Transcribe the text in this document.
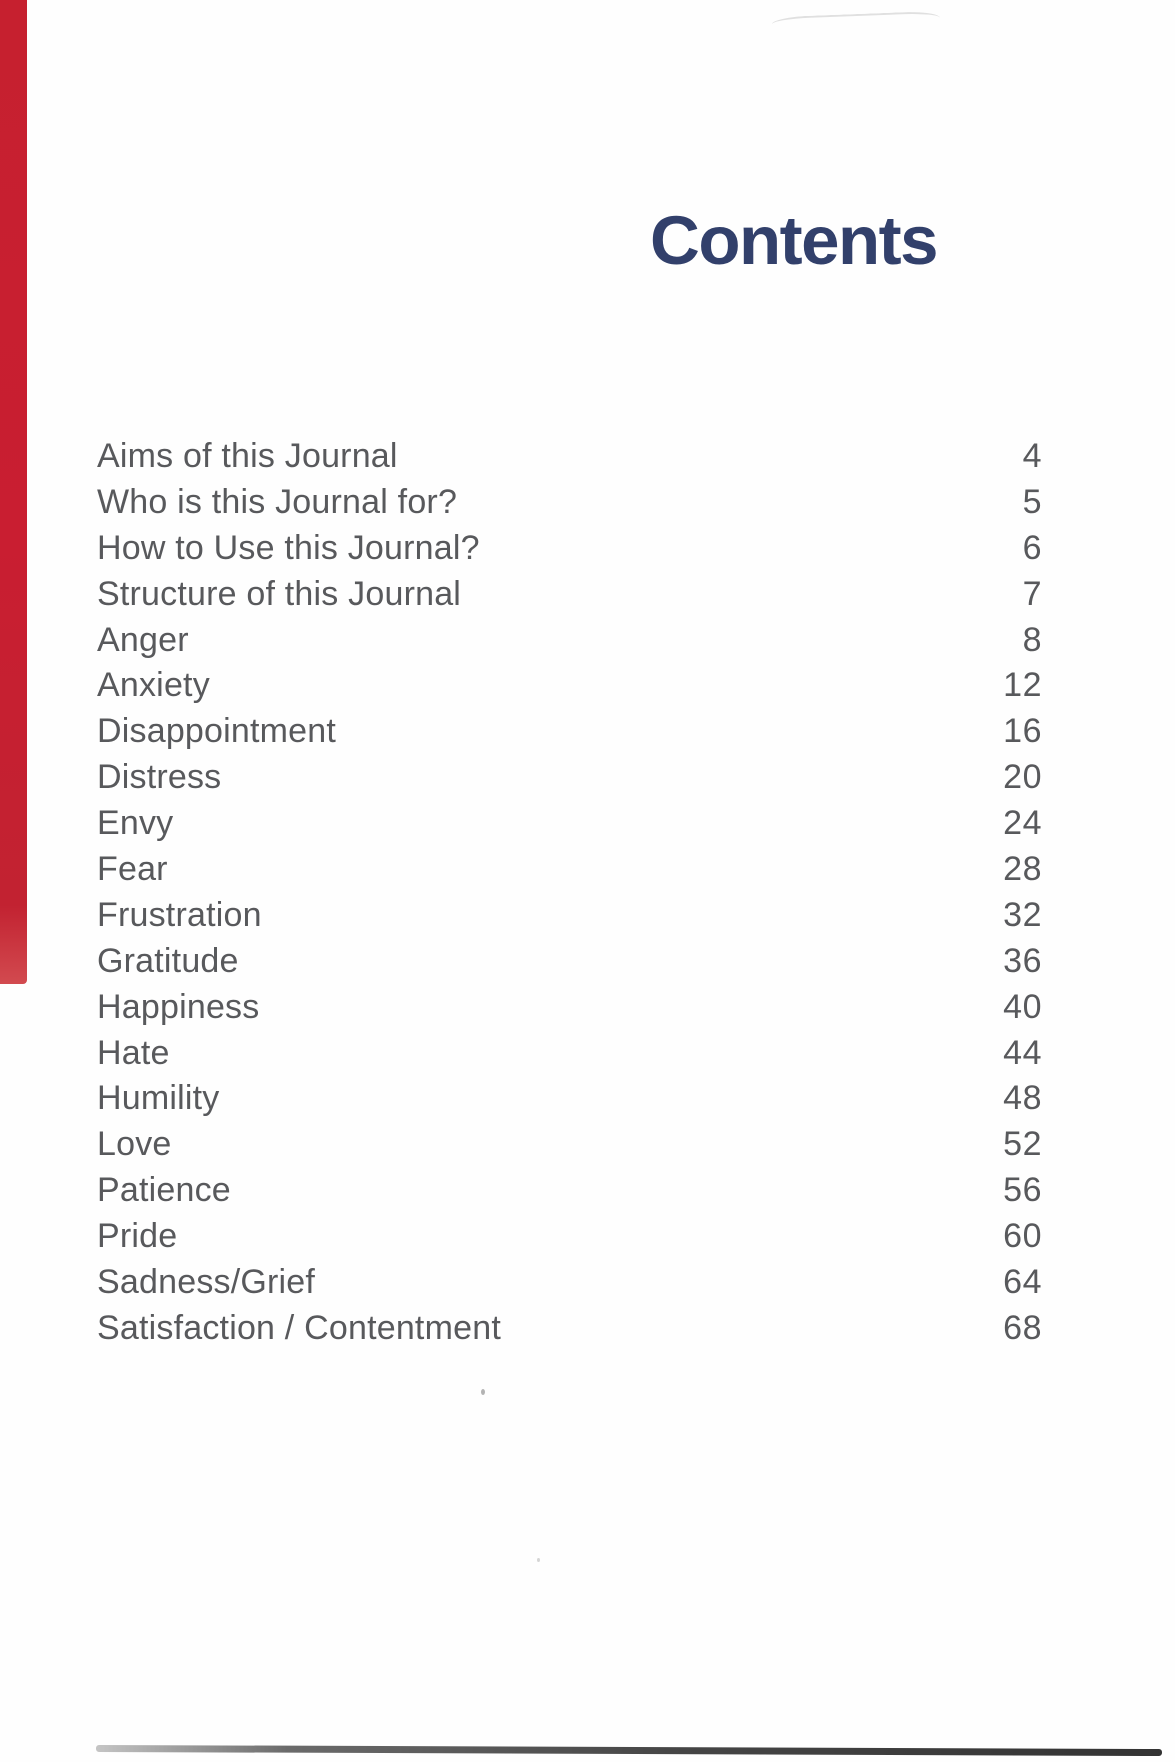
Contents
Aims of this Journal	4
Who is this Journal for?	5
How to Use this Journal?	6
Structure of this Journal	7
Anger	8
Anxiety	12
Disappointment	16
Distress	20
Envy	24
Fear	28
Frustration	32
Gratitude	36
Happiness	40
Hate	44
Humility	48
Love	52
Patience	56
Pride	60
Sadness/Grief	64
Satisfaction / Contentment	68
